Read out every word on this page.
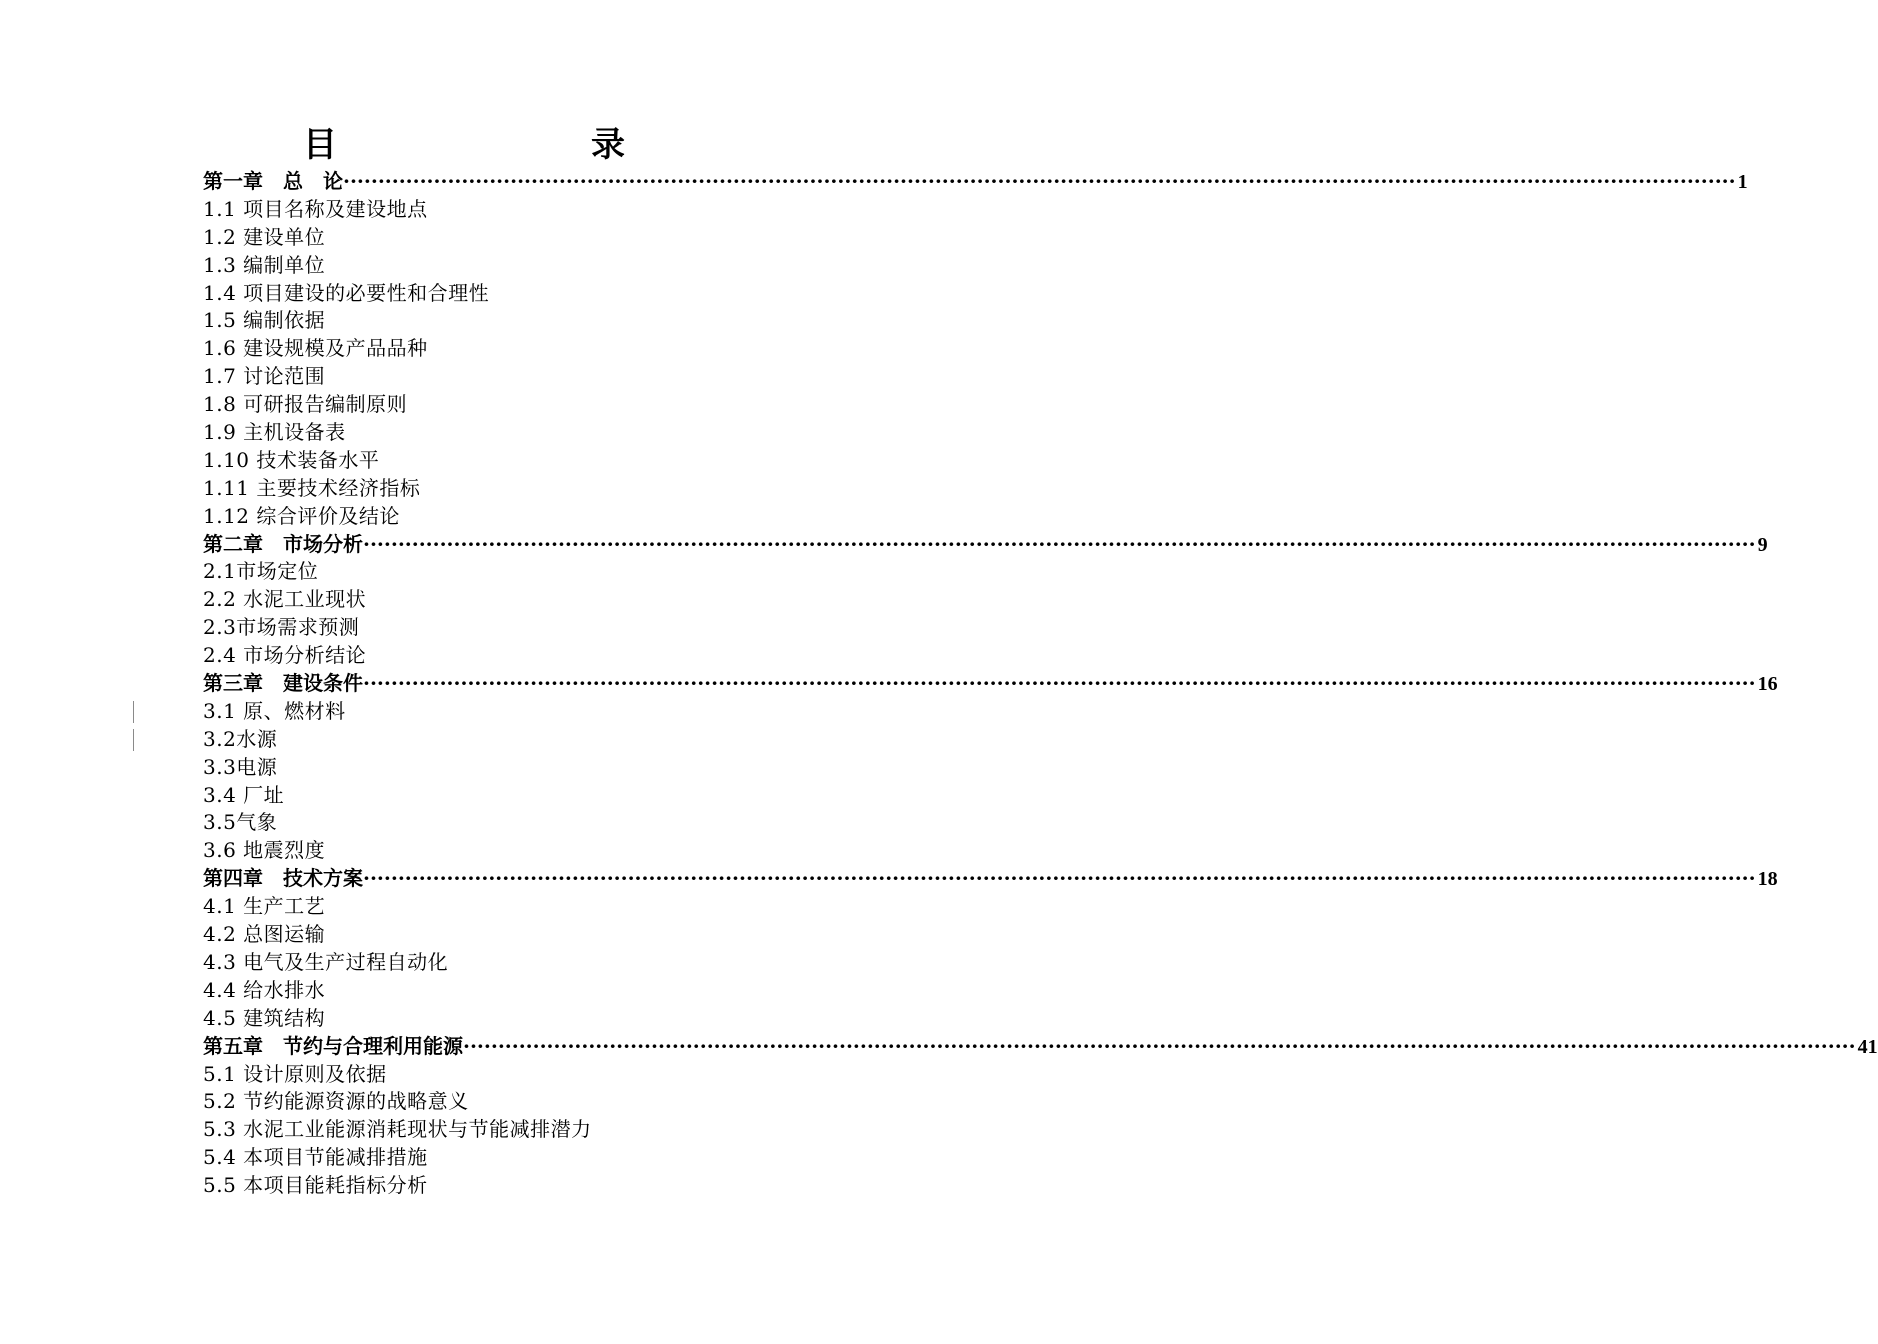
目　　录
第一章　总　论 ········································································································································································································ 1
1.1 项目名称及建设地点
1.2 建设单位
1.3 编制单位
1.4 项目建设的必要性和合理性
1.5 编制依据
1.6 建设规模及产品品种
1.7 讨论范围
1.8 可研报告编制原则
1.9 主机设备表
1.10 技术装备水平
1.11 主要技术经济指标
1.12 综合评价及结论
第二章　市场分析 ········································································································································································································ 9
2.1市场定位
2.2 水泥工业现状
2.3市场需求预测
2.4 市场分析结论
第三章　建设条件 ········································································································································································································ 16
3.1 原、燃材料
3.2水源
3.3电源
3.4 厂址
3.5气象
3.6 地震烈度
第四章　技术方案 ········································································································································································································ 18
4.1 生产工艺
4.2 总图运输
4.3 电气及生产过程自动化
4.4 给水排水
4.5 建筑结构
第五章　节约与合理利用能源 ········································································································································································································ 41
5.1 设计原则及依据
5.2 节约能源资源的战略意义
5.3 水泥工业能源消耗现状与节能减排潜力
5.4 本项目节能减排措施
5.5 本项目能耗指标分析
